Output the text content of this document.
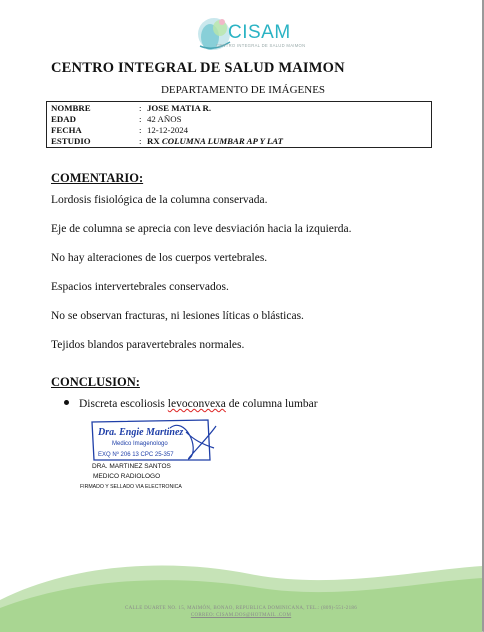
CISAM
CENTRO INTEGRAL DE SALUD MAIMON
CENTRO INTEGRAL DE SALUD MAIMON
DEPARTAMENTO DE IMÁGENES
NOMBRE	: JOSE MATIA R.
EDAD	: 42 AÑOS
FECHA	: 12-12-2024
ESTUDIO	: RX COLUMNA LUMBAR AP Y LAT
COMENTARIO:
Lordosis fisiológica de la columna conservada.
Eje de columna se aprecia con leve desviación hacia la izquierda.
No hay alteraciones de los cuerpos vertebrales.
Espacios intervertebrales conservados.
No se observan fracturas, ni lesiones líticas o blásticas.
Tejidos blandos paravertebrales normales.
CONCLUSION:
Discreta escoliosis levoconvexa de columna lumbar
Dra. Engie Martinez
Medico Imagenologo
EXQ Nº 206 13 CPC 25-357
DRA. MARTINEZ SANTOS
MEDICO RADIOLOGO
FIRMADO Y SELLADO VIA ELECTRONICA
CALLE DUARTE NO. 15, MAIMÓN, BONAO, REPUBLICA DOMINICANA, TEL.: (809)-551-2186
CORREO: CISAM.DOS@HOTMAIL .COM
